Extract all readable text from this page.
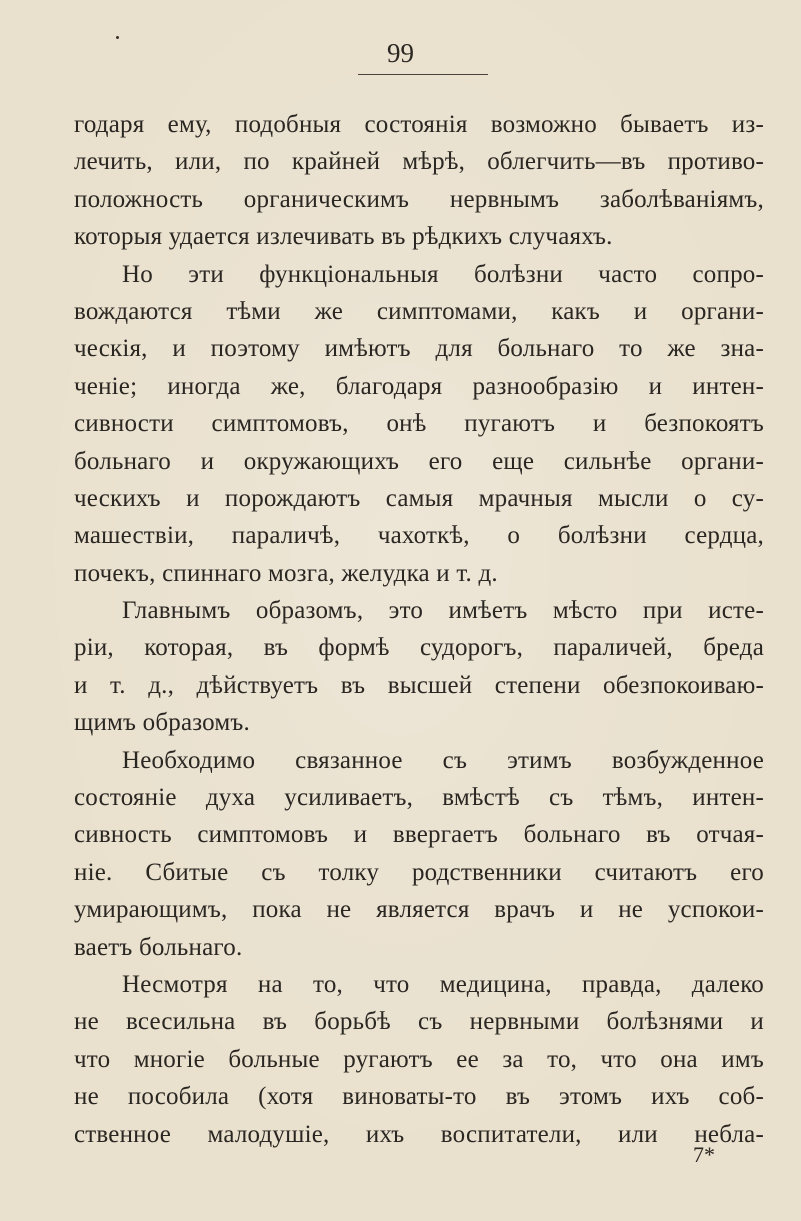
99
годаря ему, подобныя состоянія возможно бываетъ из-
лечить, или, по крайней мѣрѣ, облегчить—въ противо-
положность органическимъ нервнымъ заболѣваніямъ,
которыя удается излечивать въ рѣдкихъ случаяхъ.
Но эти функціональныя болѣзни часто сопро-
вождаются тѣми же симптомами, какъ и органи-
ческія, и поэтому имѣютъ для больнаго то же зна-
ченіе; иногда же, благодаря разнообразію и интен-
сивности симптомовъ, онѣ пугаютъ и безпокоятъ
больнаго и окружающихъ его еще сильнѣе органи-
ческихъ и порождаютъ самыя мрачныя мысли о су-
машествіи, параличѣ, чахоткѣ, о болѣзни сердца,
почекъ, спиннаго мозга, желудка и т. д.
Главнымъ образомъ, это имѣетъ мѣсто при исте-
ріи, которая, въ формѣ судорогъ, параличей, бреда
и т. д., дѣйствуетъ въ высшей степени обезпокоиваю-
щимъ образомъ.
Необходимо связанное съ этимъ возбужденное
состояніе духа усиливаетъ, вмѣстѣ съ тѣмъ, интен-
сивность симптомовъ и ввергаетъ больнаго въ отчая-
ніе. Сбитые съ толку родственники считаютъ его
умирающимъ, пока не является врачъ и не успокои-
ваетъ больнаго.
Несмотря на то, что медицина, правда, далеко
не всесильна въ борьбѣ съ нервными болѣзнями и
что многіе больные ругаютъ ее за то, что она имъ
не пособила (хотя виноваты-то въ этомъ ихъ соб-
ственное малодушіе, ихъ воспитатели, или небла-
7*
